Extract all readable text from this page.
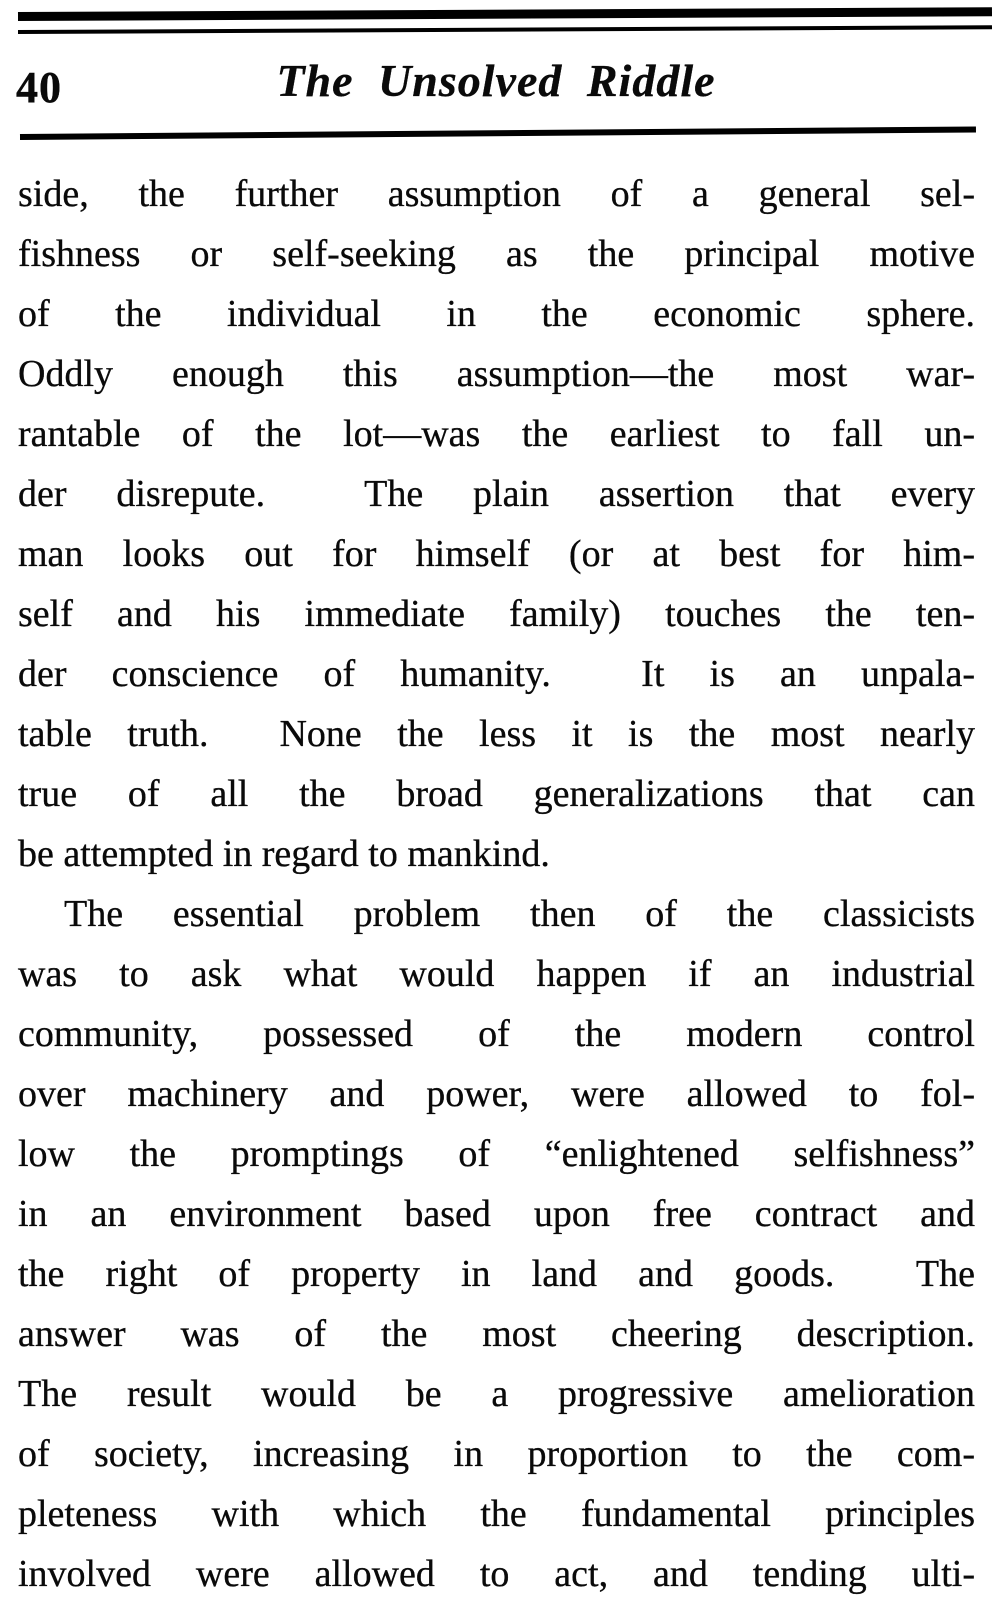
40	The Unsolved Riddle
side, the further assumption of a general sel-
fishness or self-seeking as the principal motive
of the individual in the economic sphere.
Oddly enough this assumption—the most war-
rantable of the lot—was the earliest to fall un-
der disrepute.  The plain assertion that every
man looks out for himself (or at best for him-
self and his immediate family) touches the ten-
der conscience of humanity.  It is an unpala-
table truth.  None the less it is the most nearly
true of all the broad generalizations that can
be attempted in regard to mankind.
The essential problem then of the classicists
was to ask what would happen if an industrial
community, possessed of the modern control
over machinery and power, were allowed to fol-
low the promptings of “enlightened selfishness”
in an environment based upon free contract and
the right of property in land and goods.  The
answer was of the most cheering description.
The result would be a progressive amelioration
of society, increasing in proportion to the com-
pleteness with which the fundamental principles
involved were allowed to act, and tending ulti-
